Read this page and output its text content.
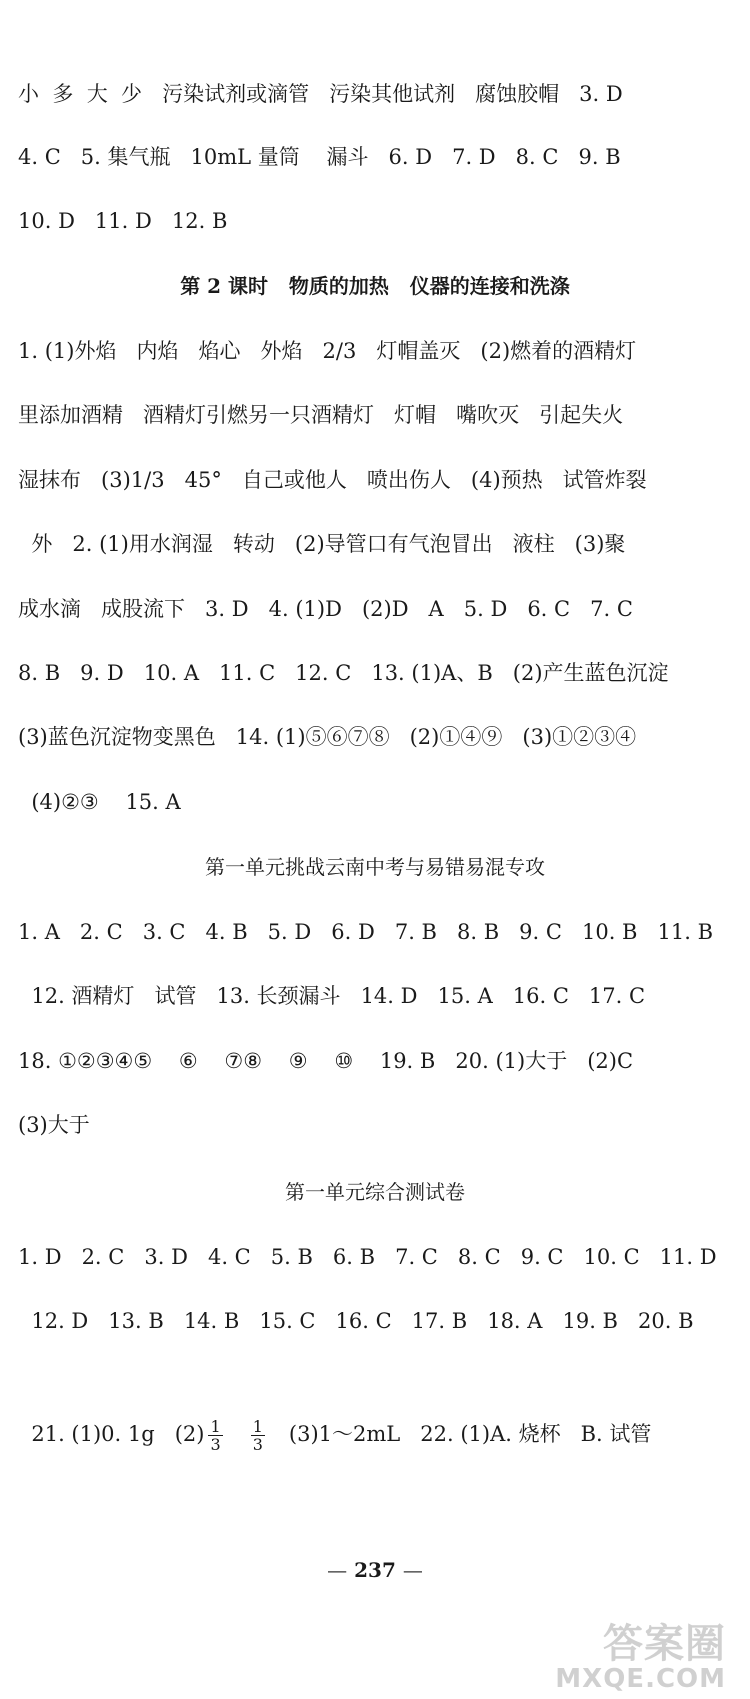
小  多  大  少   污染试剂或滴管   污染其他试剂   腐蚀胶帽   3. D
4. C   5. 集气瓶   10mL 量筒    漏斗   6. D   7. D   8. C   9. B
10. D   11. D   12. B
第 2 课时   物质的加热   仪器的连接和洗涤
1. (1)外焰   内焰   焰心   外焰   2/3   灯帽盖灭   (2)燃着的酒精灯
里添加酒精   酒精灯引燃另一只酒精灯   灯帽   嘴吹灭   引起失火
湿抹布   (3)1/3   45°   自己或他人   喷出伤人   (4)预热   试管炸裂
外   2. (1)用水润湿   转动   (2)导管口有气泡冒出   液柱   (3)聚
成水滴   成股流下   3. D   4. (1)D   (2)D   A   5. D   6. C   7. C
8. B   9. D   10. A   11. C   12. C   13. (1)A、B   (2)产生蓝色沉淀
(3)蓝色沉淀物变黑色   14. (1)⑤⑥⑦⑧   (2)①④⑨   (3)①②③④
(4)②③    15. A
第一单元挑战云南中考与易错易混专攻
1. A   2. C   3. C   4. B   5. D   6. D   7. B   8. B   9. C   10. B   11. B
12. 酒精灯   试管   13. 长颈漏斗   14. D   15. A   16. C   17. C
18. ①②③④⑤    ⑥    ⑦⑧    ⑨    ⑩    19. B   20. (1)大于   (2)C
(3)大于
第一单元综合测试卷
1. D   2. C   3. D   4. C   5. B   6. B   7. C   8. C   9. C   10. C   11. D
12. D   13. B   14. B   15. C   16. C   17. B   18. A   19. B   20. B

21. (1)0. 1g   $(2) \frac{1}{3}$
$\frac{1}{3}$ (3)1～2mL   22. (1)A. 烧杯   B. 试管

— 237 —
答案圈
MXQE.COM
